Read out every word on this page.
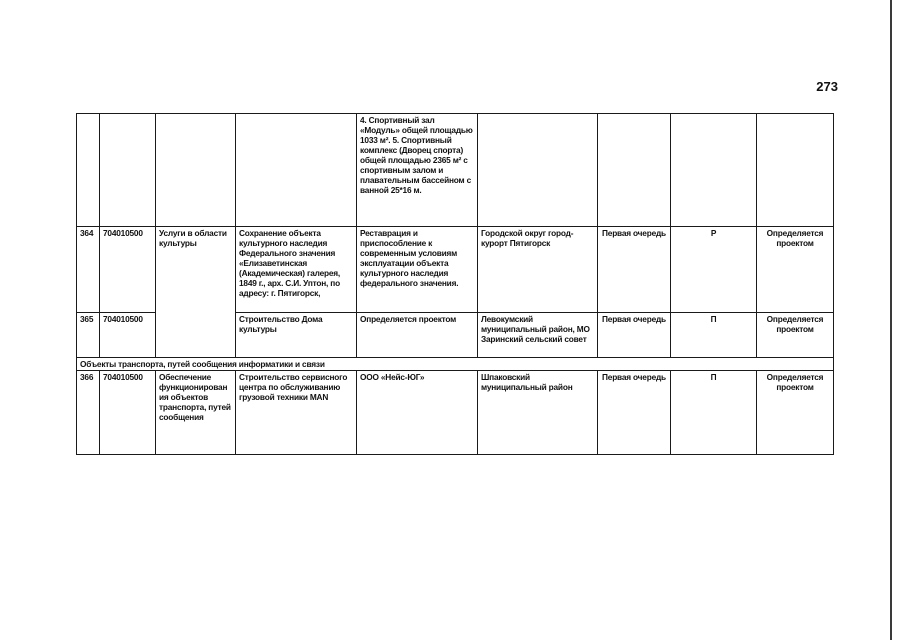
273
				4. Спортивный зал «Модуль» общей площадью 1033 м². 5. Спортивный комплекс (Дворец спорта) общей площадью 2365 м² с спортивным залом и плавательным бассейном с ванной 25*16 м.				
364	704010500	Услуги в области культуры	Сохранение объекта культурного наследия Федерального значения «Елизаветинская (Академическая) галерея, 1849 г., арх. С.И. Уптон, по адресу: г. Пятигорск,	Реставрация и приспособление к современным условиям эксплуатации объекта культурного наследия федерального значения.	Городской округ город-курорт Пятигорск	Первая очередь	Р	Определяется проектом
365	704010500		Строительство Дома культуры	Определяется проектом	Левокумский муниципальный район, МО Заринский сельский совет	Первая очередь	П	Определяется проектом
Объекты транспорта, путей сообщения информатики и связи								
366	704010500	Обеспечение функционирован ия объектов транспорта, путей сообщения	Строительство сервисного центра по обслуживанию грузовой техники MAN	ООО «Нейс-ЮГ»	Шпаковский муниципальный район	Первая очередь	П	Определяется проектом
